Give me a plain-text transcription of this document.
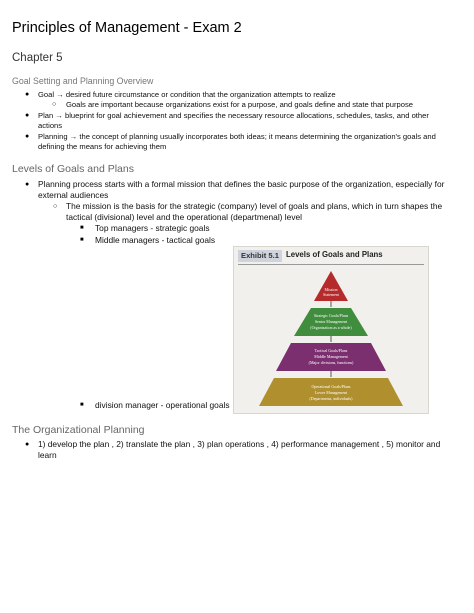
Principles of Management - Exam 2
Chapter 5
Goal Setting and Planning Overview
● Goal → desired future circumstance or condition that the organization attempts to realize
○ Goals are important because organizations exist for a purpose, and goals define and state that purpose
● Plan → blueprint for goal achievement and specifies the necessary resource allocations, schedules, tasks, and other
actions
● Planning → the concept of planning usually incorporates both ideas; it means determining the organization's goals and
defining the means for achieving them
Levels of Goals and Plans
● Planning process starts with a formal mission that defines the basic purpose of the organization, especially for
external audiences
○ The mission is the basis for the strategic (company) level of goals and plans, which in turn shapes the
tactical (divisional) level and the operational (departmenal) level
■ Top managers - strategic goals
■ Middle managers - tactical goals
■ division manager - operational goals
Exhibit 5.1 Levels of Goals and Plans
Mission
Statement
Strategic Goals/Plans
Senior Management
(Organization as a whole)
Tactical Goals/Plans
Middle Management
(Major divisions, functions)
Operational Goals/Plans
Lower Management
(Departments, individuals)
The Organizational Planning
● 1) develop the plan , 2) translate the plan , 3) plan operations , 4) performance management , 5) monitor and
learn
